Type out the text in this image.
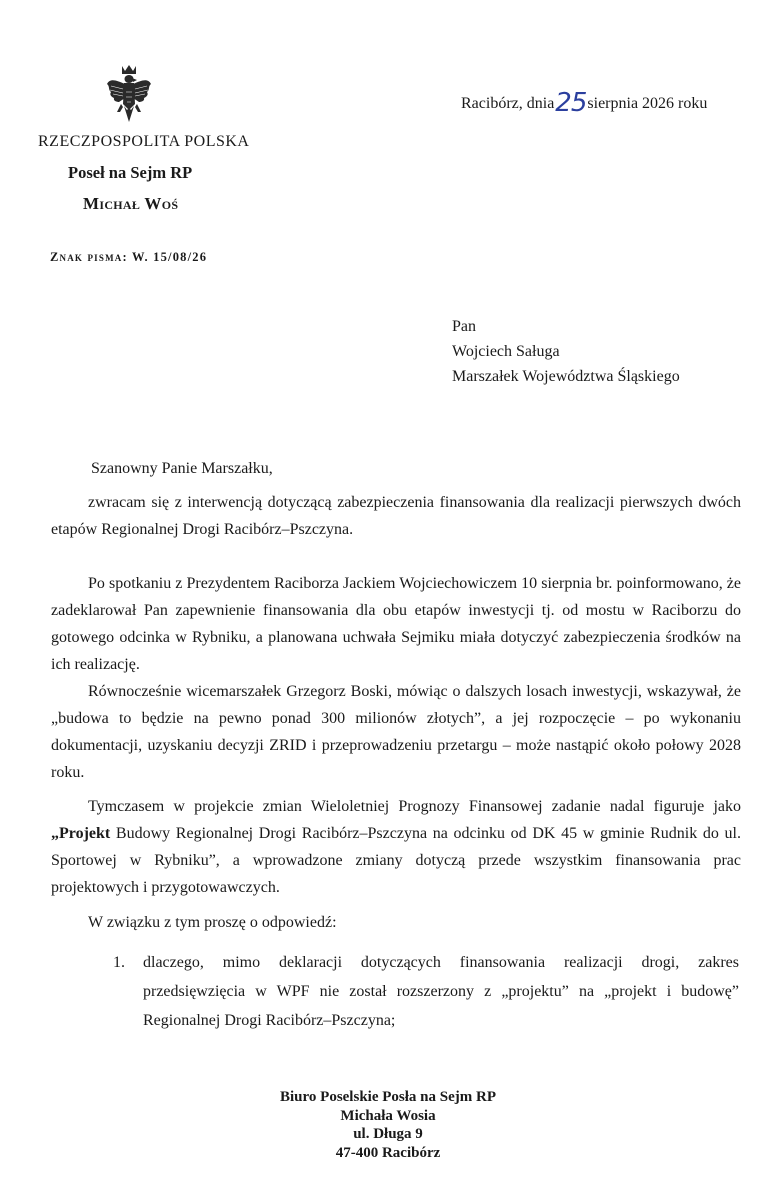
RZECZPOSPOLITA POLSKA
Poseł na Sejm RP
Michał Woś
Znak pisma: W. 15/08/26
Racibórz, dnia25sierpnia 2026 roku
Pan
Wojciech Saługa
Marszałek Województwa Śląskiego
Szanowny Panie Marszałku,
zwracam się z interwencją dotyczącą zabezpieczenia finansowania dla realizacji pierwszych dwóch etapów Regionalnej Drogi Racibórz–Pszczyna.
Po spotkaniu z Prezydentem Raciborza Jackiem Wojciechowiczem 10 sierpnia br. poinformowano, że zadeklarował Pan zapewnienie finansowania dla obu etapów inwestycji tj. od mostu w Raciborzu do gotowego odcinka w Rybniku, a planowana uchwała Sejmiku miała dotyczyć zabezpieczenia środków na ich realizację.
Równocześnie wicemarszałek Grzegorz Boski, mówiąc o dalszych losach inwestycji, wskazywał, że „budowa to będzie na pewno ponad 300 milionów złotych”, a jej rozpoczęcie – po wykonaniu dokumentacji, uzyskaniu decyzji ZRID i przeprowadzeniu przetargu – może nastąpić około połowy 2028 roku.
Tymczasem w projekcie zmian Wieloletniej Prognozy Finansowej zadanie nadal figuruje jako „Projekt Budowy Regionalnej Drogi Racibórz–Pszczyna na odcinku od DK 45 w gminie Rudnik do ul. Sportowej w Rybniku”, a wprowadzone zmiany dotyczą przede wszystkim finansowania prac projektowych i przygotowawczych.
W związku z tym proszę o odpowiedź:
1. dlaczego, mimo deklaracji dotyczących finansowania realizacji drogi, zakres przedsięwzięcia w WPF nie został rozszerzony z „projektu” na „projekt i budowę” Regionalnej Drogi Racibórz–Pszczyna;
Biuro Poselskie Posła na Sejm RP
Michała Wosia
ul. Długa 9
47-400 Racibórz
